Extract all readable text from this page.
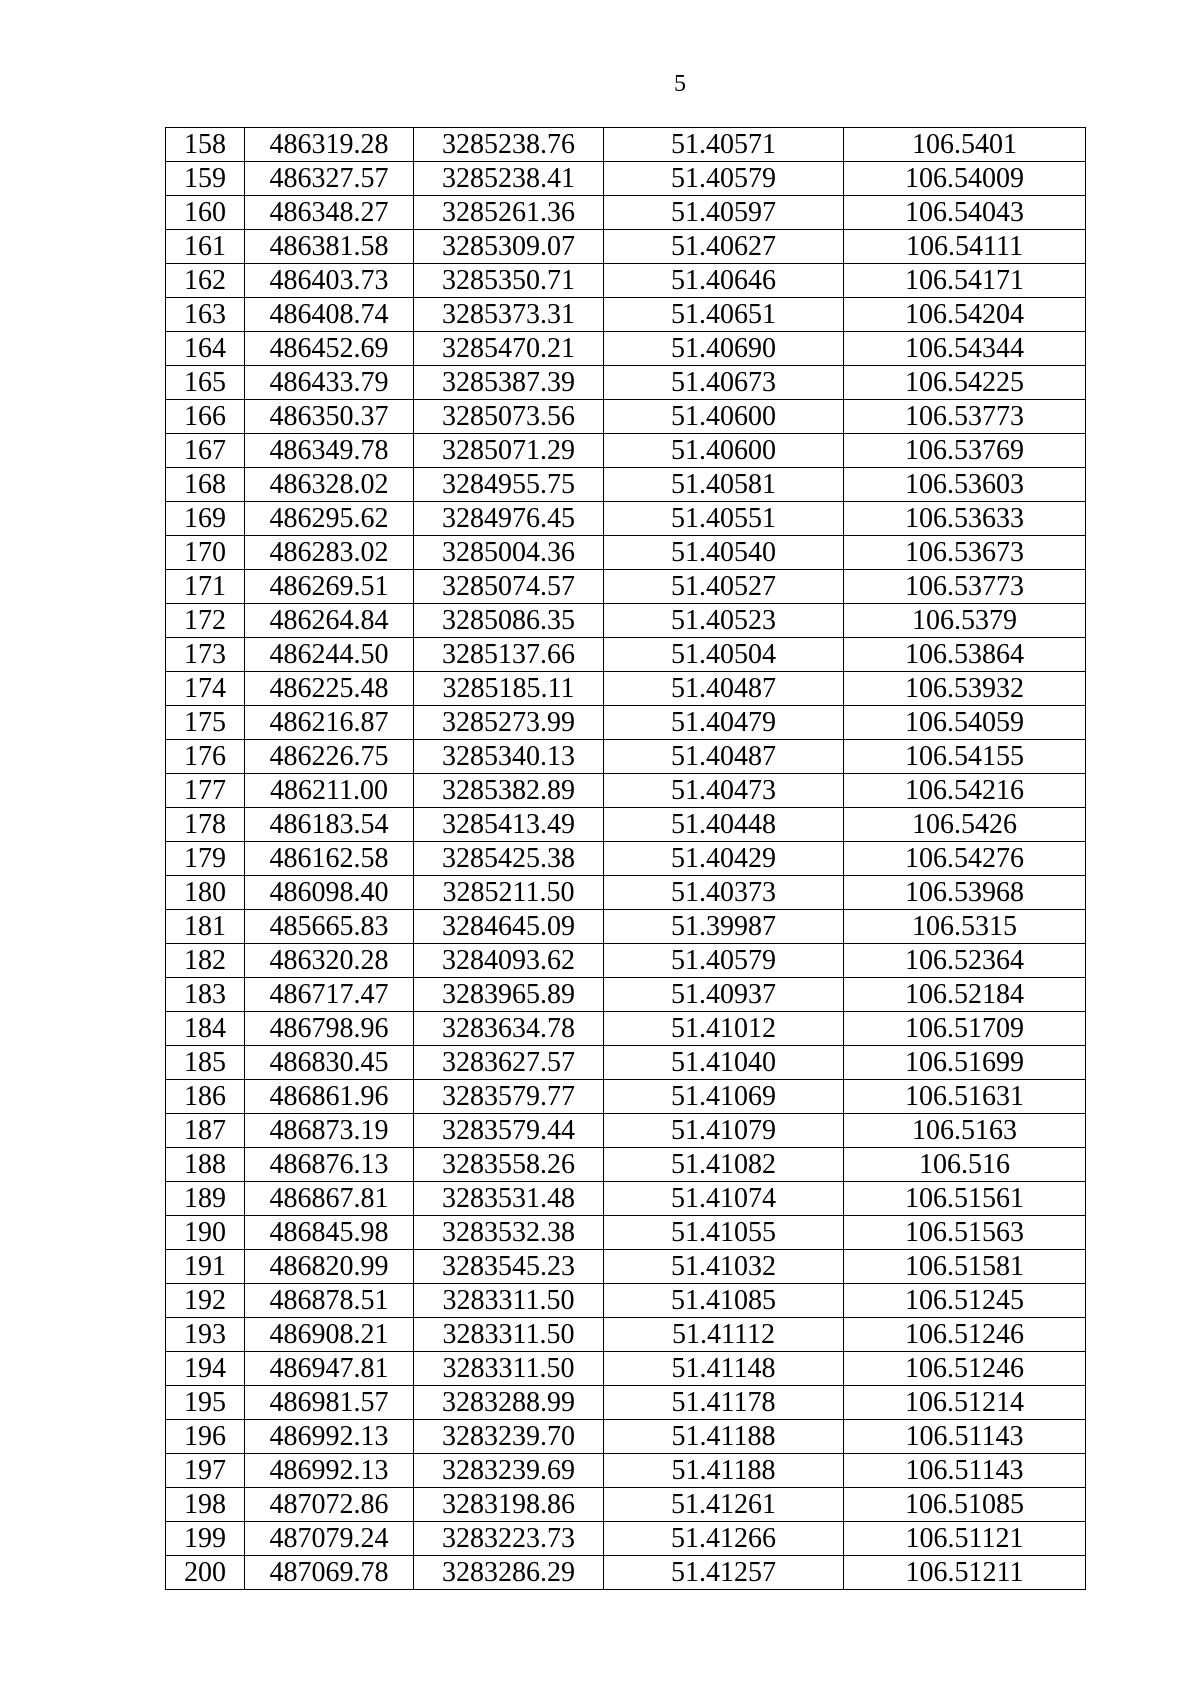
5
158	486319.28	3285238.76	51.40571	106.5401
159	486327.57	3285238.41	51.40579	106.54009
160	486348.27	3285261.36	51.40597	106.54043
161	486381.58	3285309.07	51.40627	106.54111
162	486403.73	3285350.71	51.40646	106.54171
163	486408.74	3285373.31	51.40651	106.54204
164	486452.69	3285470.21	51.40690	106.54344
165	486433.79	3285387.39	51.40673	106.54225
166	486350.37	3285073.56	51.40600	106.53773
167	486349.78	3285071.29	51.40600	106.53769
168	486328.02	3284955.75	51.40581	106.53603
169	486295.62	3284976.45	51.40551	106.53633
170	486283.02	3285004.36	51.40540	106.53673
171	486269.51	3285074.57	51.40527	106.53773
172	486264.84	3285086.35	51.40523	106.5379
173	486244.50	3285137.66	51.40504	106.53864
174	486225.48	3285185.11	51.40487	106.53932
175	486216.87	3285273.99	51.40479	106.54059
176	486226.75	3285340.13	51.40487	106.54155
177	486211.00	3285382.89	51.40473	106.54216
178	486183.54	3285413.49	51.40448	106.5426
179	486162.58	3285425.38	51.40429	106.54276
180	486098.40	3285211.50	51.40373	106.53968
181	485665.83	3284645.09	51.39987	106.5315
182	486320.28	3284093.62	51.40579	106.52364
183	486717.47	3283965.89	51.40937	106.52184
184	486798.96	3283634.78	51.41012	106.51709
185	486830.45	3283627.57	51.41040	106.51699
186	486861.96	3283579.77	51.41069	106.51631
187	486873.19	3283579.44	51.41079	106.5163
188	486876.13	3283558.26	51.41082	106.516
189	486867.81	3283531.48	51.41074	106.51561
190	486845.98	3283532.38	51.41055	106.51563
191	486820.99	3283545.23	51.41032	106.51581
192	486878.51	3283311.50	51.41085	106.51245
193	486908.21	3283311.50	51.41112	106.51246
194	486947.81	3283311.50	51.41148	106.51246
195	486981.57	3283288.99	51.41178	106.51214
196	486992.13	3283239.70	51.41188	106.51143
197	486992.13	3283239.69	51.41188	106.51143
198	487072.86	3283198.86	51.41261	106.51085
199	487079.24	3283223.73	51.41266	106.51121
200	487069.78	3283286.29	51.41257	106.51211
